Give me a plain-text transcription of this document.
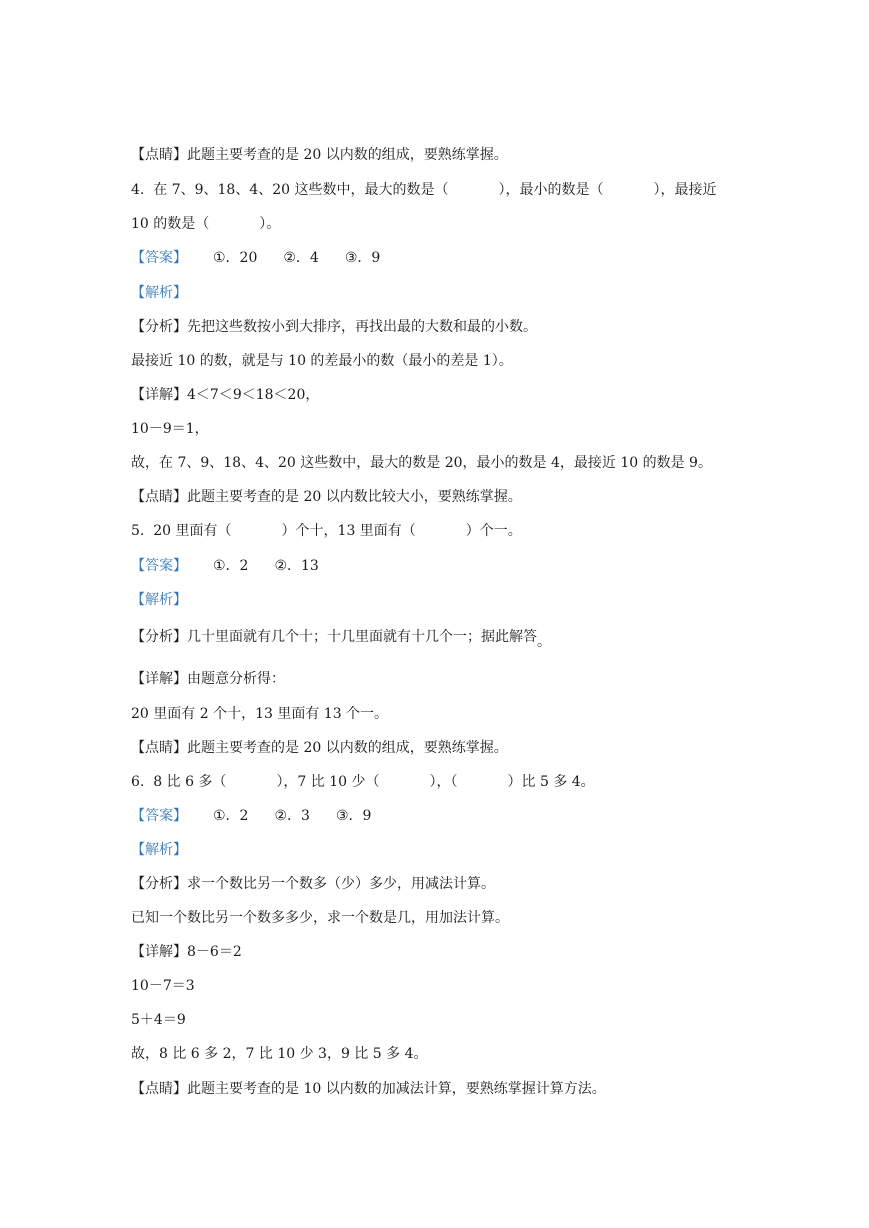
【点睛】此题主要考查的是 20 以内数的组成，要熟练掌握。
4. 在 7、9、18、4、20 这些数中，最大的数是（	），最小的数是（	），最接近
10 的数是（	）。
【答案】 ①．20 ②．4 ③．9
【解析】
【分析】先把这些数按小到大排序，再找出最的大数和最的小数。
最接近 10 的数，就是与 10 的差最小的数（最小的差是 1）。
【详解】4＜7＜9＜18＜20，
10－9＝1，
故，在 7、9、18、4、20 这些数中，最大的数是 20，最小的数是 4，最接近 10 的数是 9。
【点睛】此题主要考查的是 20 以内数比较大小，要熟练掌握。
5. 20 里面有（	）个十，13 里面有（	）个一。
【答案】 ①．2 ②．13
【解析】
【分析】几十里面就有几个十；十几里面就有十几个一；据此解答。
【详解】由题意分析得：
20 里面有 2 个十，13 里面有 13 个一。
【点睛】此题主要考查的是 20 以内数的组成，要熟练掌握。
6. 8 比 6 多（	），7 比 10 少（	），（	）比 5 多 4。
【答案】 ①．2 ②．3 ③．9
【解析】
【分析】求一个数比另一个数多（少）多少，用减法计算。
已知一个数比另一个数多多少，求一个数是几，用加法计算。
【详解】8－6＝2
10－7＝3
5＋4＝9
故，8 比 6 多 2，7 比 10 少 3，9 比 5 多 4。
【点睛】此题主要考查的是 10 以内数的加减法计算，要熟练掌握计算方法。
